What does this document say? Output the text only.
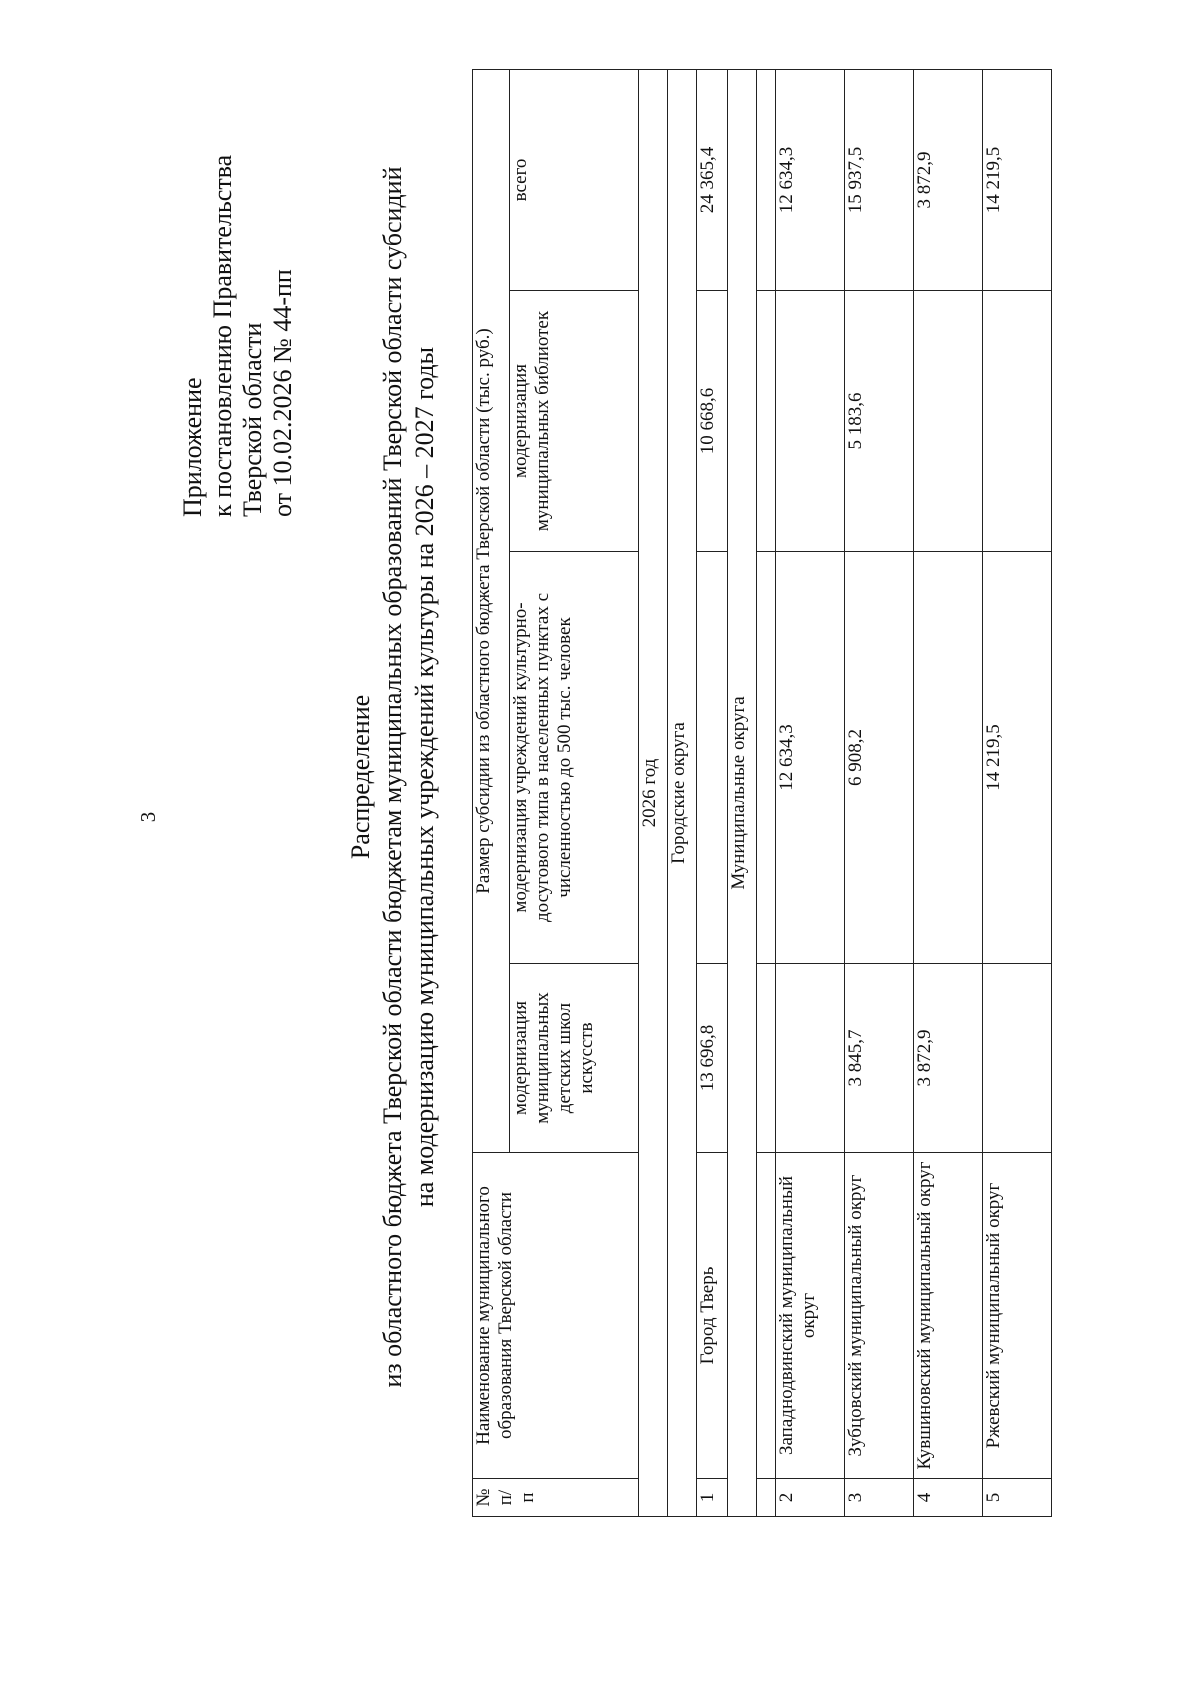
3
Приложение к постановлению Правительства Тверской области от 10.02.2026 № 44-пп
Распределение из областного бюджета Тверской области бюджетам муниципальных образований Тверской области субсидий на модернизацию муниципальных учреждений культуры на 2026 – 2027 годы
№ п/п	Наименование муниципального образования Тверской области	Размер субсидии из областного бюджета Тверской области (тыс. руб.)			
		модернизация муниципальных детских школ искусств	модернизация учреждений культурно-досугового типа в населенных пунктах с численностью до 500 тыс. человек	модернизация муниципальных библиотек	всего
2026 год					
Городские округа					
1	Город Тверь	13 696,8		10 668,6	24 365,4
Муниципальные округа					

2	Западнодвинский муниципальный округ		12 634,3		12 634,3
3	Зубцовский муниципальный округ	3 845,7	6 908,2	5 183,6	15 937,5
4	Кувшиновский муниципальный округ	3 872,9			3 872,9
5	Ржевский муниципальный округ		14 219,5		14 219,5
